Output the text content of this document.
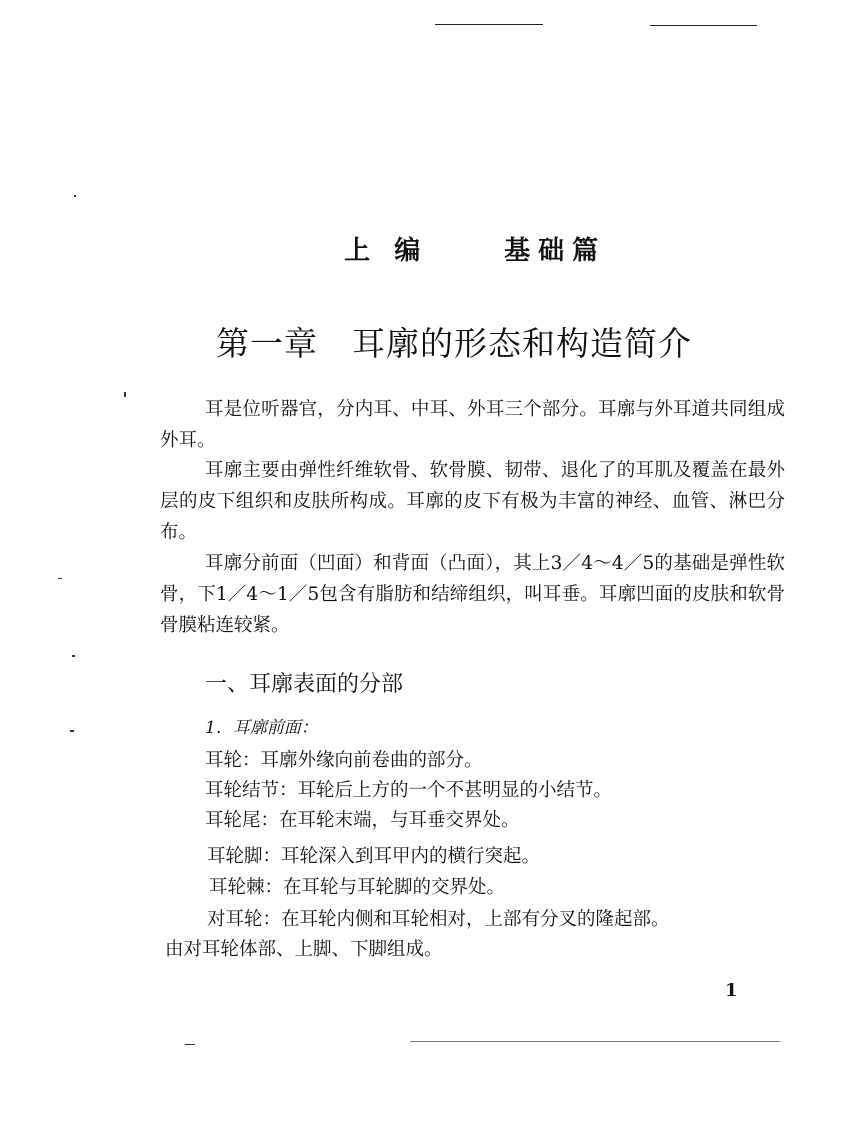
上  编	基础篇

第一章　耳廓的形态和构造简介
耳是位听器官，分内耳、中耳、外耳三个部分。耳廓与外耳道共同组成外耳。
耳廓主要由弹性纤维软骨、软骨膜、韧带、退化了的耳肌及覆盖在最外层的皮下组织和皮肤所构成。耳廓的皮下有极为丰富的神经、血管、淋巴分布。
耳廓分前面（凹面）和背面（凸面），其上3／4～4／5的基础是弹性软骨，下1／4～1／5包含有脂肪和结缔组织，叫耳垂。耳廓凹面的皮肤和软骨骨膜粘连较紧。
一、耳廓表面的分部
1．耳廓前面：
耳轮：耳廓外缘向前卷曲的部分。
耳轮结节：耳轮后上方的一个不甚明显的小结节。
耳轮尾：在耳轮末端，与耳垂交界处。
耳轮脚：耳轮深入到耳甲内的横行突起。
耳轮棘：在耳轮与耳轮脚的交界处。
对耳轮：在耳轮内侧和耳轮相对，上部有分叉的隆起部。
由对耳轮体部、上脚、下脚组成。
1
